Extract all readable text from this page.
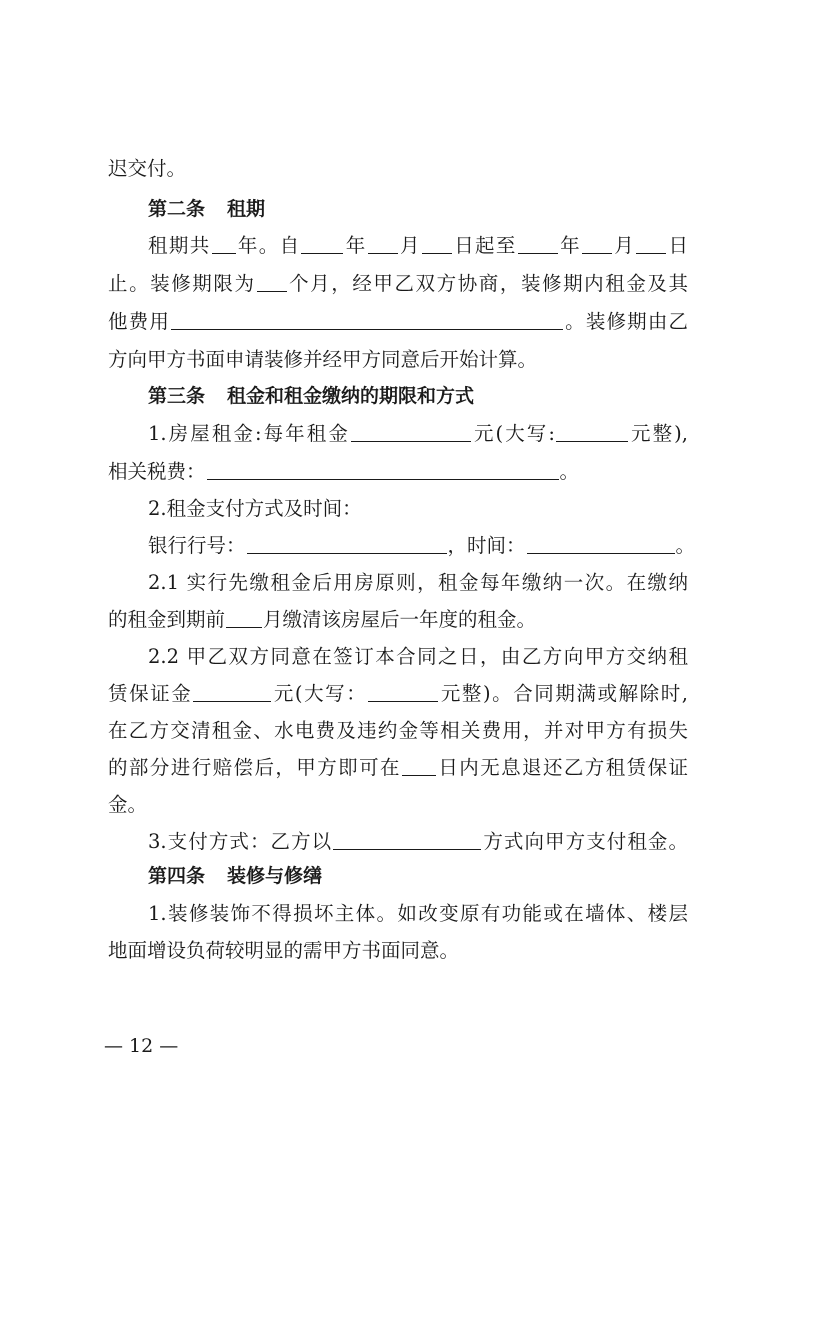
迟交付。
第二条 租期
租期共 年。自 年 月 日起至 年 月 日
止。装修期限为 个月，经甲乙双方协商，装修期内租金及其
他费用	。装修期由乙
方向甲方书面申请装修并经甲方同意后开始计算。
第三条 租金和租金缴纳的期限和方式
1.房屋租金:每年租金	元(大写:	元整),
相关税费：	。
2.租金支付方式及时间：
银行行号：	，时间：	。
2.1 实行先缴租金后用房原则，租金每年缴纳一次。在缴纳
的租金到期前 月缴清该房屋后一年度的租金。
2.2 甲乙双方同意在签订本合同之日，由乙方向甲方交纳租
赁保证金	元(大写：	元整)。合同期满或解除时,
在乙方交清租金、水电费及违约金等相关费用，并对甲方有损失
的部分进行赔偿后，甲方即可在 日内无息退还乙方租赁保证
金。
3.支付方式：乙方以	方式向甲方支付租金。
第四条 装修与修缮
1.装修装饰不得损坏主体。如改变原有功能或在墙体、楼层
地面增设负荷较明显的需甲方书面同意。
— 12 —
